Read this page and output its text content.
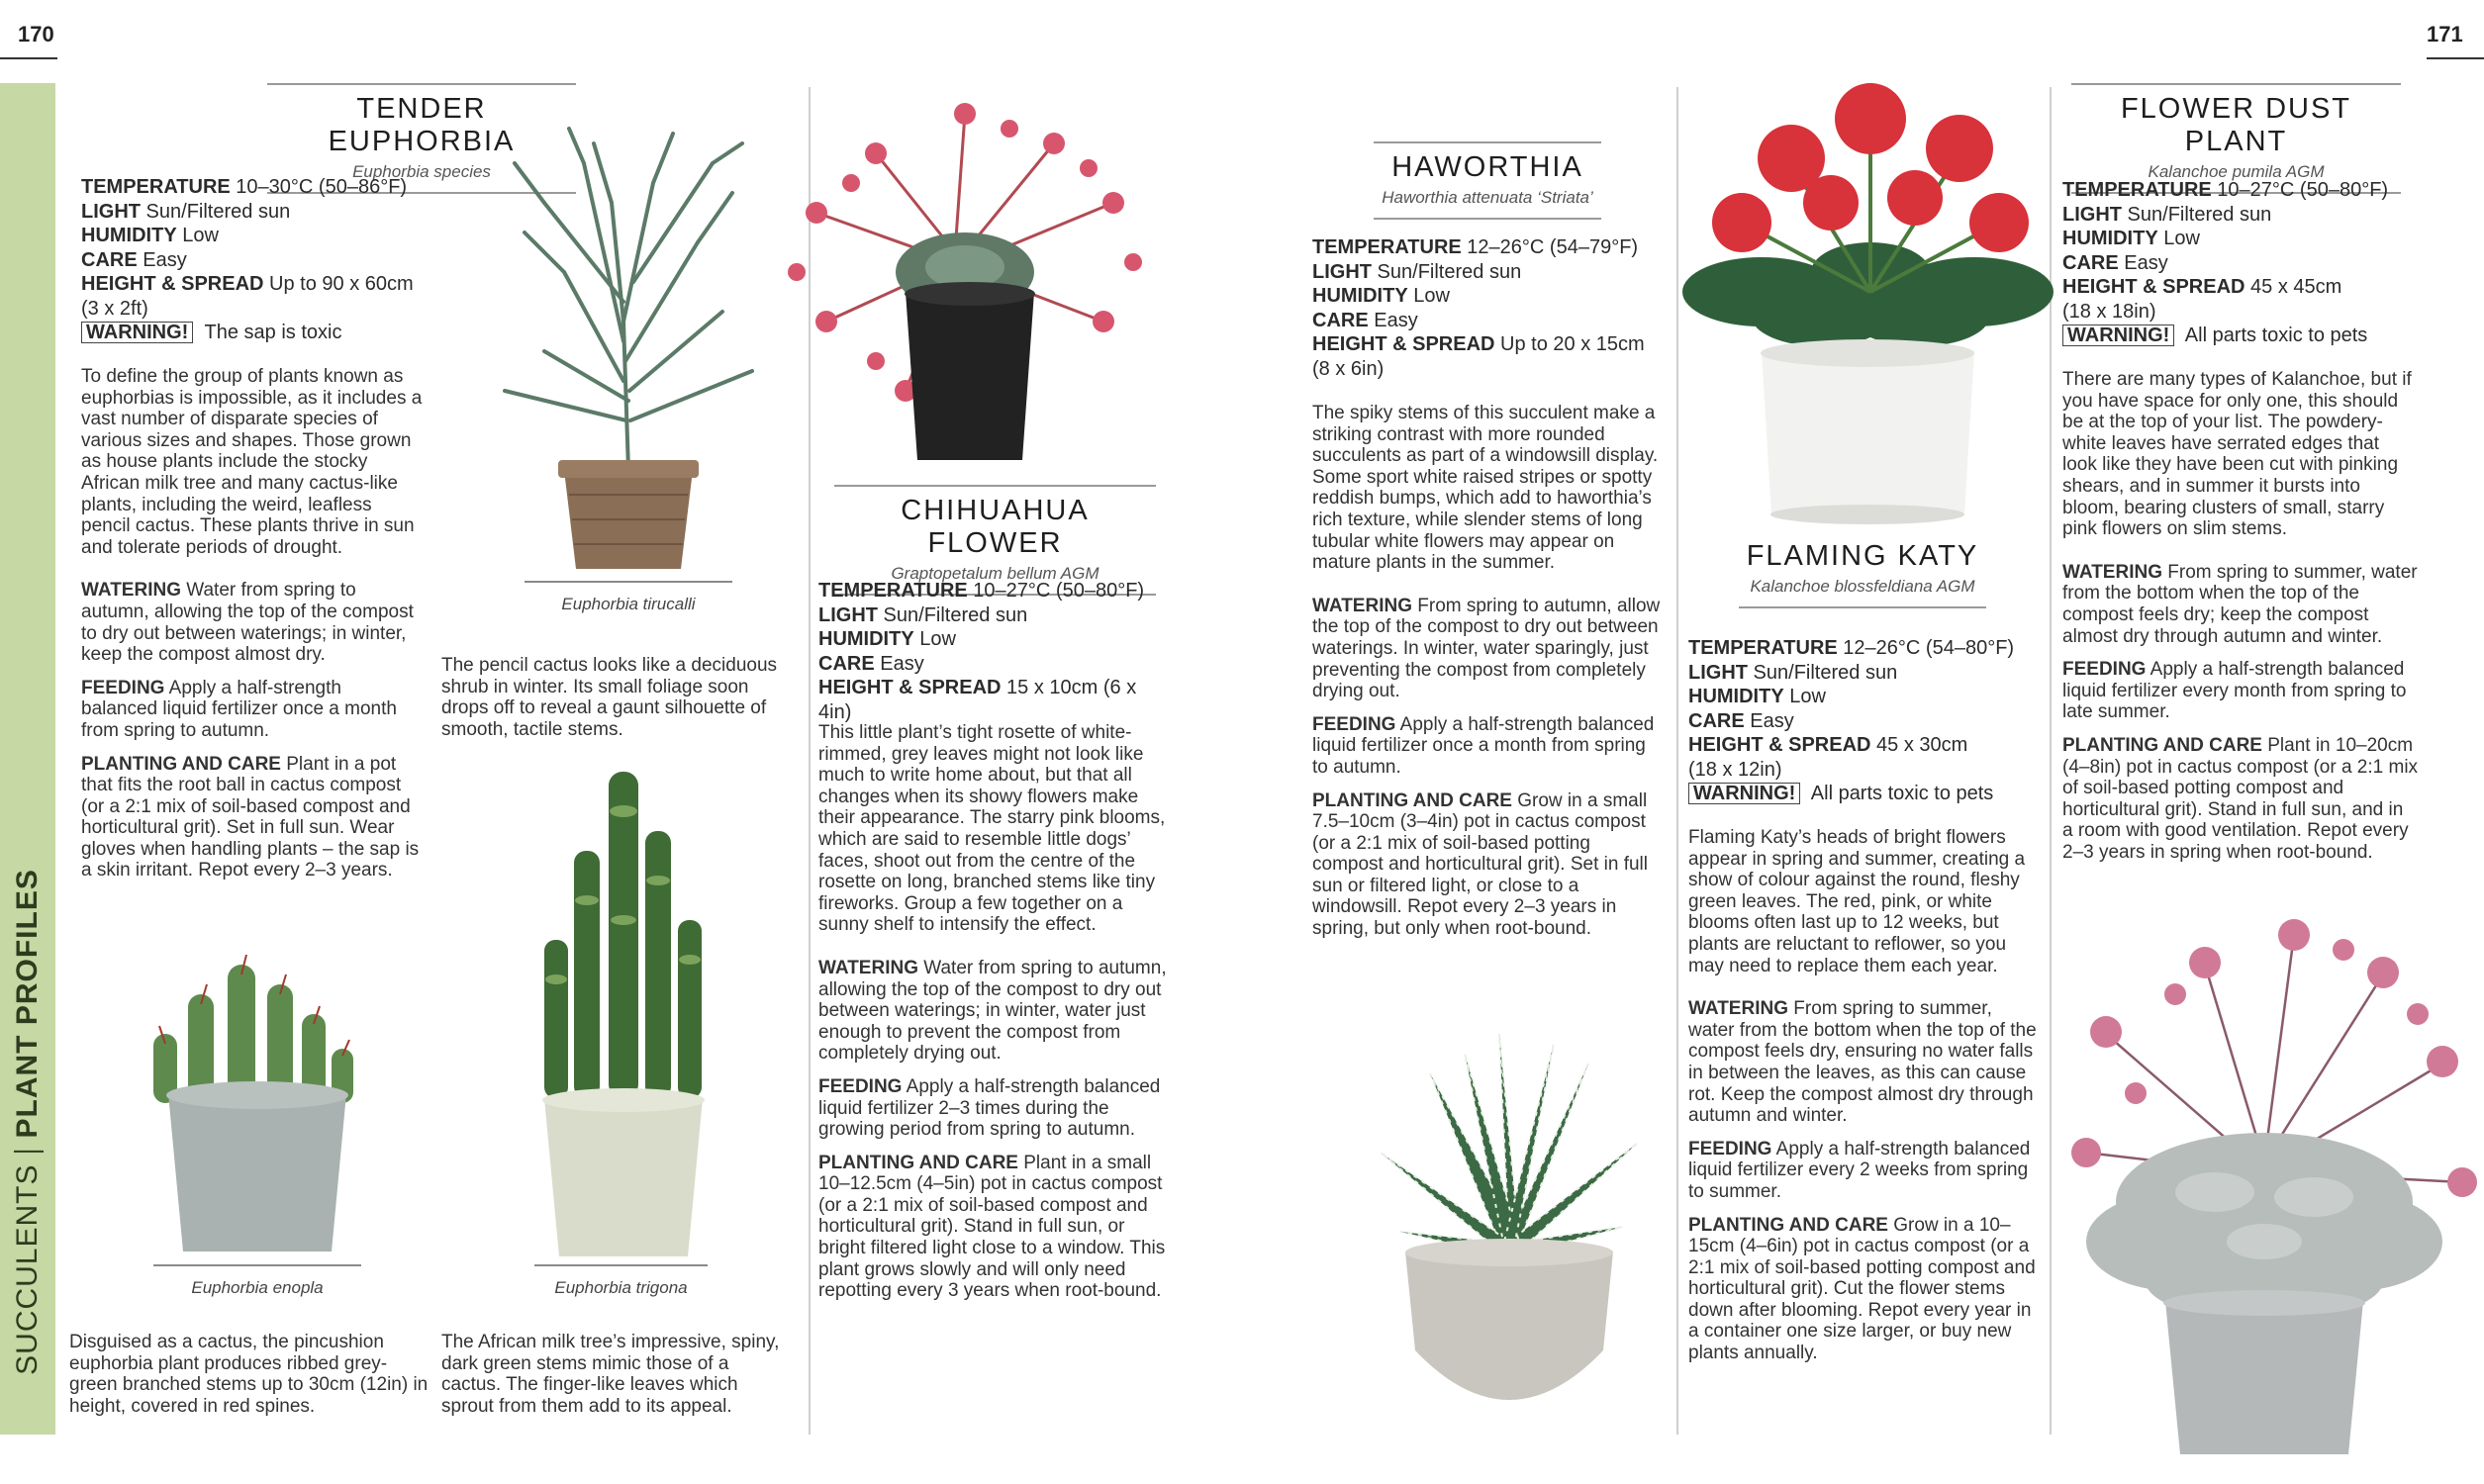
170	171
SUCCULENTSPLANT PROFILES
TENDER EUPHORBIA
Euphorbia species
TEMPERATURE 10–30°C (50–86°F)
LIGHT Sun/Filtered sun
HUMIDITY Low
CARE Easy
HEIGHT & SPREAD Up to 90 x 60cm (3 x 2ft)
WARNING! The sap is toxic
To define the group of plants known as euphorbias is impossible, as it includes a vast number of disparate species of various sizes and shapes. Those grown as house plants include the stocky African milk tree and many cactus-like plants, including the weird, leafless pencil cactus. These plants thrive in sun and tolerate periods of drought.
WATERING Water from spring to autumn, allowing the top of the compost to dry out between waterings; in winter, keep the compost almost dry.
FEEDING Apply a half-strength balanced liquid fertilizer once a month from spring to autumn.
PLANTING AND CARE Plant in a pot that fits the root ball in cactus compost (or a 2:1 mix of soil-based compost and horticultural grit). Set in full sun. Wear gloves when handling plants – the sap is a skin irritant. Repot every 2–3 years.
Euphorbia tirucalli
The pencil cactus looks like a deciduous shrub in winter. Its small foliage soon drops off to reveal a gaunt silhouette of smooth, tactile stems.
Euphorbia enopla
Disguised as a cactus, the pincushion euphorbia plant produces ribbed grey-green branched stems up to 30cm (12in) in height, covered in red spines.
Euphorbia trigona
The African milk tree’s impressive, spiny, dark green stems mimic those of a cactus. The finger-like leaves which sprout from them add to its appeal.
CHIHUAHUA FLOWER
Graptopetalum bellum AGM
TEMPERATURE 10–27°C (50–80°F)
LIGHT Sun/Filtered sun
HUMIDITY Low
CARE Easy
HEIGHT & SPREAD 15 x 10cm (6 x 4in)
This little plant’s tight rosette of white-rimmed, grey leaves might not look like much to write home about, but that all changes when its showy flowers make their appearance. The starry pink blooms, which are said to resemble little dogs’ faces, shoot out from the centre of the rosette on long, branched stems like tiny fireworks. Group a few together on a sunny shelf to intensify the effect.
WATERING Water from spring to autumn, allowing the top of the compost to dry out between waterings; in winter, water just enough to prevent the compost from completely drying out.
FEEDING Apply a half-strength balanced liquid fertilizer 2–3 times during the growing period from spring to autumn.
PLANTING AND CARE Plant in a small 10–12.5cm (4–5in) pot in cactus compost (or a 2:1 mix of soil-based compost and horticultural grit). Stand in full sun, or bright filtered light close to a window. This plant grows slowly and will only need repotting every 3 years when root-bound.
HAWORTHIA
Haworthia attenuata ‘Striata’
TEMPERATURE 12–26°C (54–79°F)
LIGHT Sun/Filtered sun
HUMIDITY Low
CARE Easy
HEIGHT & SPREAD Up to 20 x 15cm (8 x 6in)
The spiky stems of this succulent make a striking contrast with more rounded succulents as part of a windowsill display. Some sport white raised stripes or spotty reddish bumps, which add to haworthia’s rich texture, while slender stems of long tubular white flowers may appear on mature plants in the summer.
WATERING From spring to autumn, allow the top of the compost to dry out between waterings. In winter, water sparingly, just preventing the compost from completely drying out.
FEEDING Apply a half-strength balanced liquid fertilizer once a month from spring to autumn.
PLANTING AND CARE Grow in a small 7.5–10cm (3–4in) pot in cactus compost (or a 2:1 mix of soil-based potting compost and horticultural grit). Set in full sun or filtered light, or close to a windowsill. Repot every 2–3 years in spring, but only when root-bound.
FLAMING KATY
Kalanchoe blossfeldiana AGM
TEMPERATURE 12–26°C (54–80°F)
LIGHT Sun/Filtered sun
HUMIDITY Low
CARE Easy
HEIGHT & SPREAD 45 x 30cm (18 x 12in)
WARNING! All parts toxic to pets
Flaming Katy’s heads of bright flowers appear in spring and summer, creating a show of colour against the round, fleshy green leaves. The red, pink, or white blooms often last up to 12 weeks, but plants are reluctant to reflower, so you may need to replace them each year.
WATERING From spring to summer, water from the bottom when the top of the compost feels dry, ensuring no water falls in between the leaves, as this can cause rot. Keep the compost almost dry through autumn and winter.
FEEDING Apply a half-strength balanced liquid fertilizer every 2 weeks from spring to summer.
PLANTING AND CARE Grow in a 10–15cm (4–6in) pot in cactus compost (or a 2:1 mix of soil-based potting compost and horticultural grit). Cut the flower stems down after blooming. Repot every year in a container one size larger, or buy new plants annually.
FLOWER DUST PLANT
Kalanchoe pumila AGM
TEMPERATURE 10–27°C (50–80°F)
LIGHT Sun/Filtered sun
HUMIDITY Low
CARE Easy
HEIGHT & SPREAD 45 x 45cm (18 x 18in)
WARNING! All parts toxic to pets
There are many types of Kalanchoe, but if you have space for only one, this should be at the top of your list. The powdery-white leaves have serrated edges that look like they have been cut with pinking shears, and in summer it bursts into bloom, bearing clusters of small, starry pink flowers on slim stems.
WATERING From spring to summer, water from the bottom when the top of the compost feels dry; keep the compost almost dry through autumn and winter.
FEEDING Apply a half-strength balanced liquid fertilizer every month from spring to late summer.
PLANTING AND CARE Plant in 10–20cm (4–8in) pot in cactus compost (or a 2:1 mix of soil-based potting compost and horticultural grit). Stand in full sun, and in a room with good ventilation. Repot every 2–3 years in spring when root-bound.
